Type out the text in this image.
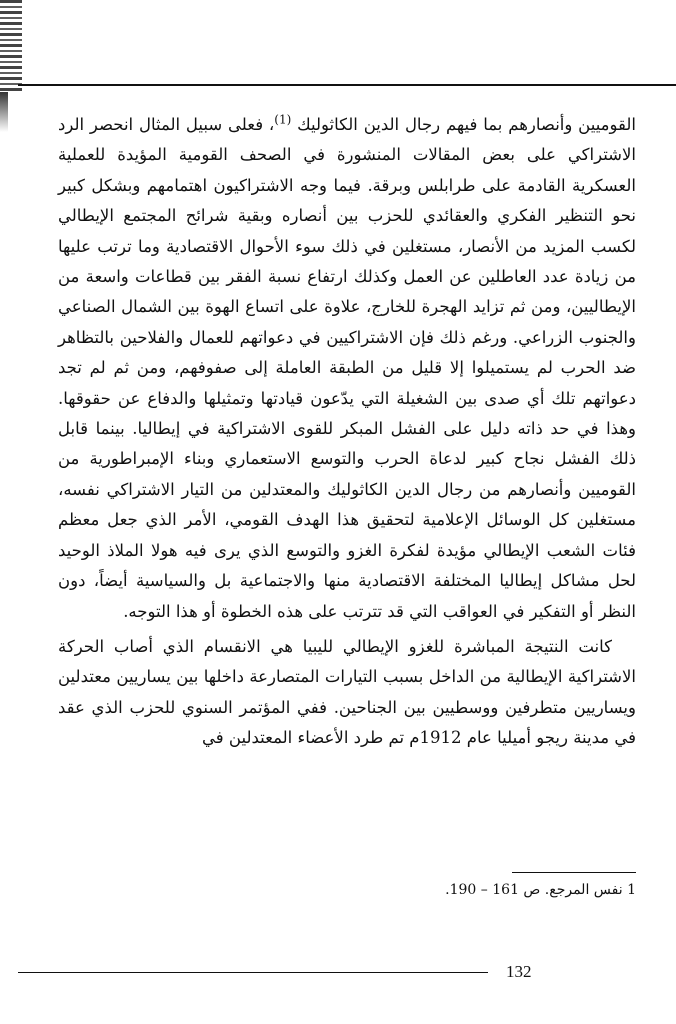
القوميين وأنصارهم بما فيهم رجال الدين الكاثوليك $^{(1)}$، فعلى سبيل المثال انحصر الرد الاشتراكي على بعض المقالات المنشورة في الصحف القومية المؤيدة للعملية العسكرية القادمة على طرابلس وبرقة. فيما وجه الاشتراكيون اهتمامهم وبشكل كبير نحو التنظير الفكري والعقائدي للحزب بين أنصاره وبقية شرائح المجتمع الإيطالي لكسب المزيد من الأنصار، مستغلين في ذلك سوء الأحوال الاقتصادية وما ترتب عليها من زيادة عدد العاطلين عن العمل وكذلك ارتفاع نسبة الفقر بين قطاعات واسعة من الإيطاليين، ومن ثم تزايد الهجرة للخارج، علاوة على اتساع الهوة بين الشمال الصناعي والجنوب الزراعي. ورغم ذلك فإن الاشتراكيين في دعواتهم للعمال والفلاحين بالتظاهر ضد الحرب لم يستميلوا إلا قليل من الطبقة العاملة إلى صفوفهم، ومن ثم لم تجد دعواتهم تلك أي صدى بين الشغيلة التي يدّعون قيادتها وتمثيلها والدفاع عن حقوقها. وهذا في حد ذاته دليل على الفشل المبكر للقوى الاشتراكية في إيطاليا. بينما قابل ذلك الفشل نجاح كبير لدعاة الحرب والتوسع الاستعماري وبناء الإمبراطورية من القوميين وأنصارهم من رجال الدين الكاثوليك والمعتدلين من التيار الاشتراكي نفسه، مستغلين كل الوسائل الإعلامية لتحقيق هذا الهدف القومي، الأمر الذي جعل معظم فئات الشعب الإيطالي مؤيدة لفكرة الغزو والتوسع الذي يرى فيه هولا الملاذ الوحيد لحل مشاكل إيطاليا المختلفة الاقتصادية منها والاجتماعية بل والسياسية أيضاً، دون النظر أو التفكير في العواقب التي قد تترتب على هذه الخطوة أو هذا التوجه.

كانت النتيجة المباشرة للغزو الإيطالي لليبيا هي الانقسام الذي أصاب الحركة الاشتراكية الإيطالية من الداخل بسبب التيارات المتصارعة داخلها بين يساريين معتدلين ويساريين متطرفين ووسطيين بين الجناحين. ففي المؤتمر السنوي للحزب الذي عقد في مدينة ريجو أميليا عام 1912م تم طرد الأعضاء المعتدلين في

1 نفس المرجع. ص 161 – 190.
132
